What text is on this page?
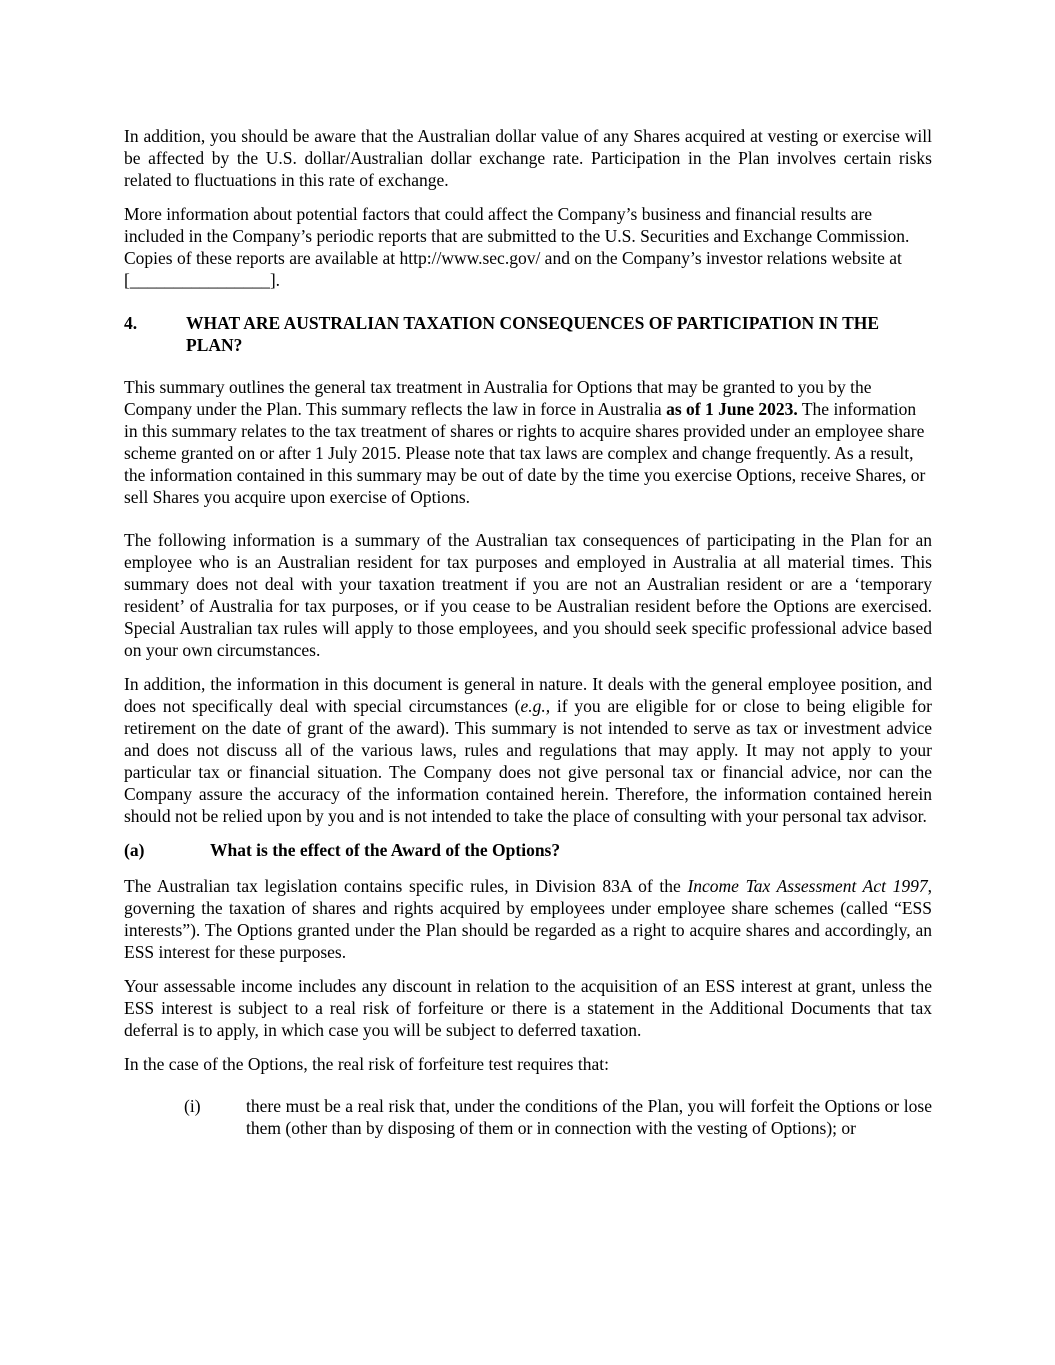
In addition, you should be aware that the Australian dollar value of any Shares acquired at vesting or exercise will be affected by the U.S. dollar/Australian dollar exchange rate. Participation in the Plan involves certain risks related to fluctuations in this rate of exchange.

More information about potential factors that could affect the Company’s business and financial results are included in the Company’s periodic reports that are submitted to the U.S. Securities and Exchange Commission. Copies of these reports are available at http://www.sec.gov/ and on the Company’s investor relations website at [________________].

4.	WHAT ARE AUSTRALIAN TAXATION CONSEQUENCES OF PARTICIPATION IN THE PLAN?

This summary outlines the general tax treatment in Australia for Options that may be granted to you by the Company under the Plan. This summary reflects the law in force in Australia as of 1 June 2023. The information in this summary relates to the tax treatment of shares or rights to acquire shares provided under an employee share scheme granted on or after 1 July 2015. Please note that tax laws are complex and change frequently. As a result, the information contained in this summary may be out of date by the time you exercise Options, receive Shares, or sell Shares you acquire upon exercise of Options.

The following information is a summary of the Australian tax consequences of participating in the Plan for an employee who is an Australian resident for tax purposes and employed in Australia at all material times. This summary does not deal with your taxation treatment if you are not an Australian resident or are a ‘temporary resident’ of Australia for tax purposes, or if you cease to be Australian resident before the Options are exercised. Special Australian tax rules will apply to those employees, and you should seek specific professional advice based on your own circumstances.

In addition, the information in this document is general in nature. It deals with the general employee position, and does not specifically deal with special circumstances (e.g., if you are eligible for or close to being eligible for retirement on the date of grant of the award). This summary is not intended to serve as tax or investment advice and does not discuss all of the various laws, rules and regulations that may apply. It may not apply to your particular tax or financial situation. The Company does not give personal tax or financial advice, nor can the Company assure the accuracy of the information contained herein. Therefore, the information contained herein should not be relied upon by you and is not intended to take the place of consulting with your personal tax advisor.

(a)	What is the effect of the Award of the Options?

The Australian tax legislation contains specific rules, in Division 83A of the Income Tax Assessment Act 1997, governing the taxation of shares and rights acquired by employees under employee share schemes (called “ESS interests”). The Options granted under the Plan should be regarded as a right to acquire shares and accordingly, an ESS interest for these purposes.

Your assessable income includes any discount in relation to the acquisition of an ESS interest at grant, unless the ESS interest is subject to a real risk of forfeiture or there is a statement in the Additional Documents that tax deferral is to apply, in which case you will be subject to deferred taxation.

In the case of the Options, the real risk of forfeiture test requires that:

(i)	there must be a real risk that, under the conditions of the Plan, you will forfeit the Options or lose them (other than by disposing of them or in connection with the vesting of Options); or
